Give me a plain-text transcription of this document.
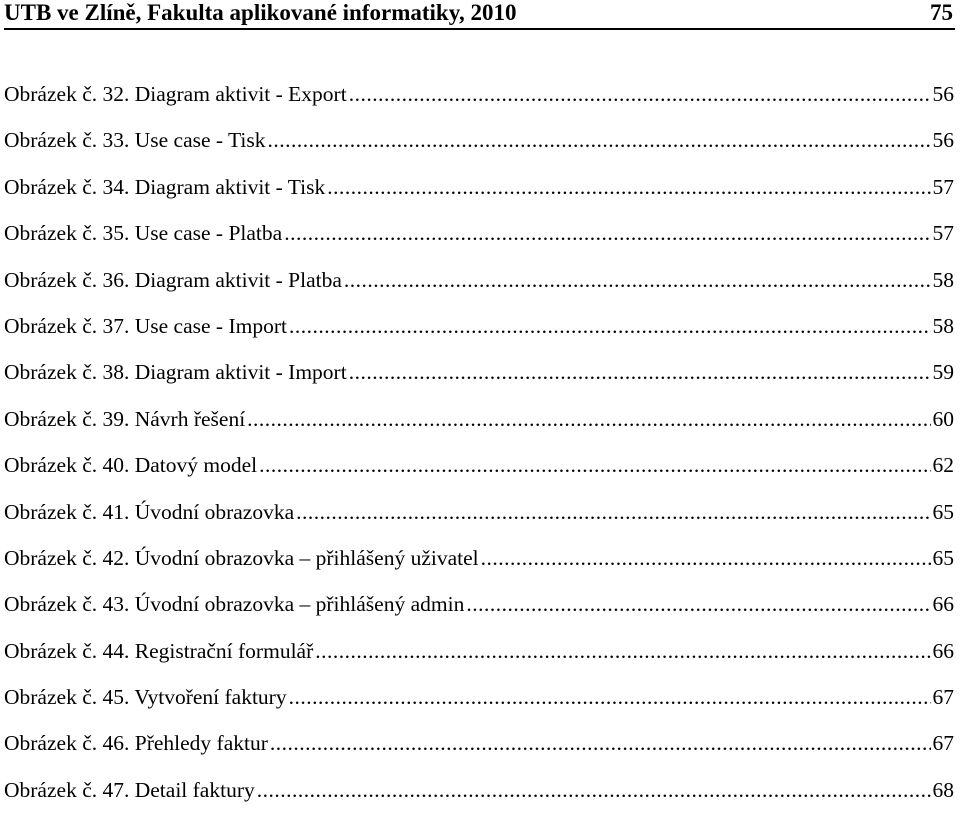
UTB ve Zlíně, Fakulta aplikované informatiky, 2010	75
Obrázek č. 32. Diagram aktivit - Export .....	56
Obrázek č. 33. Use case - Tisk .....	56
Obrázek č. 34. Diagram aktivit - Tisk .....	57
Obrázek č. 35. Use case - Platba .....	57
Obrázek č. 36. Diagram aktivit - Platba .....	58
Obrázek č. 37. Use case - Import .....	58
Obrázek č. 38. Diagram aktivit - Import .....	59
Obrázek č. 39. Návrh řešení .....	60
Obrázek č. 40. Datový model .....	62
Obrázek č. 41. Úvodní obrazovka .....	65
Obrázek č. 42. Úvodní obrazovka – přihlášený uživatel .....	65
Obrázek č. 43. Úvodní obrazovka – přihlášený admin .....	66
Obrázek č. 44. Registrační formulář .....	66
Obrázek č. 45. Vytvoření faktury .....	67
Obrázek č. 46. Přehledy faktur .....	67
Obrázek č. 47. Detail faktury .....	68
